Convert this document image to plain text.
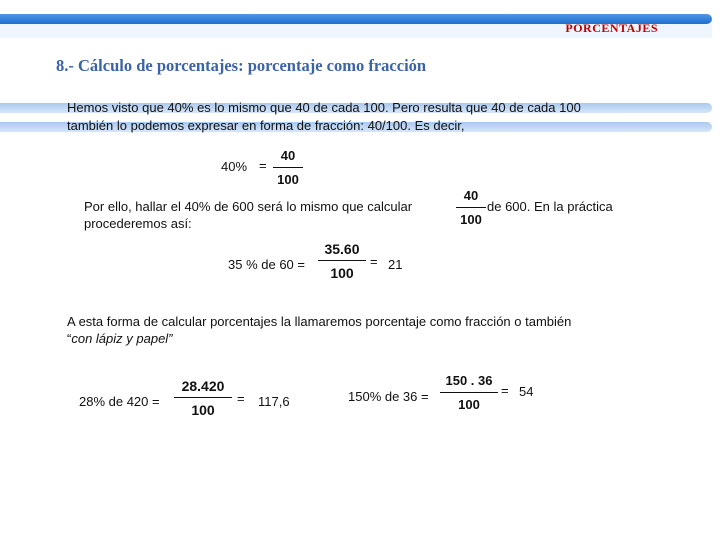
PORCENTAJES
8.- Cálculo de porcentajes: porcentaje como fracción
Hemos visto que 40% es lo mismo que 40 de cada 100. Pero resulta que 40 de cada 100
también lo podemos expresar en forma de fracción: 40/100. Es decir,
40% =
40
100
Por ello, hallar el 40% de 600 será lo mismo que calcular
40
100
de 600. En la práctica
procederemos así:
35 % de 60 =
35.60
100
= 21
A esta forma de calcular porcentajes la llamaremos porcentaje como fracción o también
“con lápiz y papel”
28% de 420 =
28.420
100
= 117,6	150% de 36 =
150 . 36
100
= 54
